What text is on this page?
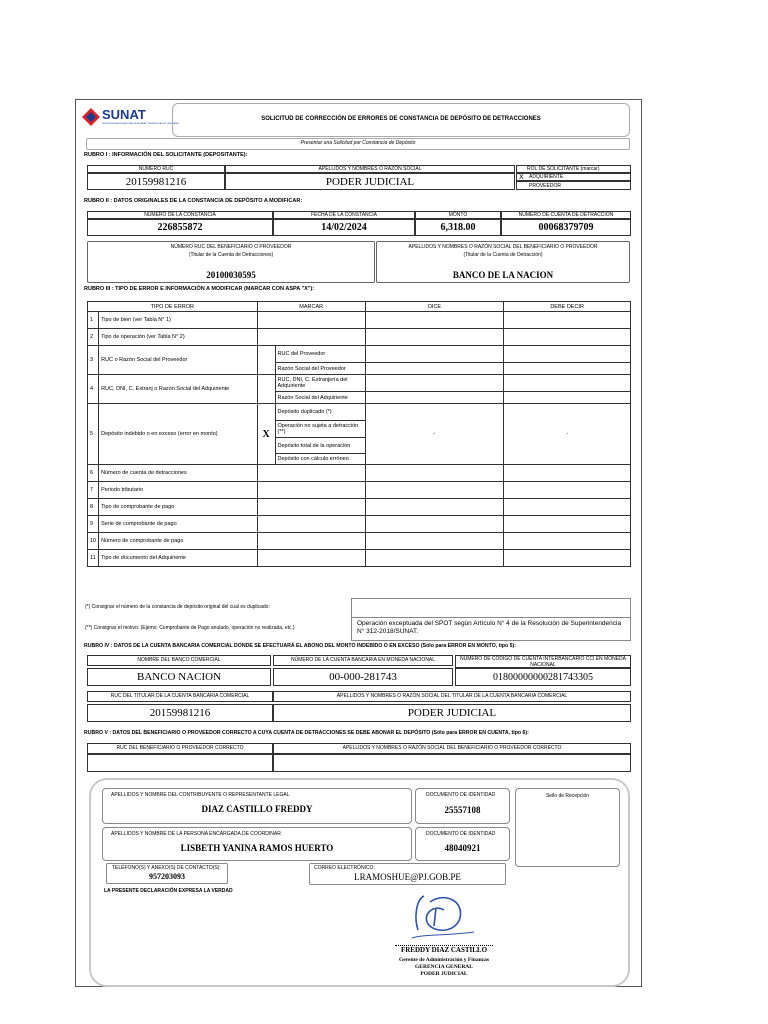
SUNAT
SUPERINTENDENCIA NACIONAL DE ADUANAS Y ADMINISTRACIÓN TRIBUTARIA
SOLICITUD DE CORRECCIÓN DE ERRORES DE CONSTANCIA DE DEPÓSITO DE DETRACCIONES
Presentar una Solicitud por Constancia de Depósito
RUBRO I : INFORMACIÓN DEL SOLICITANTE (DEPOSITANTE):
NÚMERO RUC
20159981216
APELLIDOS Y NOMBRES O RAZÓN SOCIAL
PODER JUDICIAL
ROL DE SOLICITANTE (marcar)
X ADQUIRIENTE
PROVEEDOR
RUBRO II : DATOS ORIGINALES DE LA CONSTANCIA DE DEPÓSITO A MODIFICAR:
NÚMERO DE LA CONSTANCIA
226855872
FECHA DE LA CONSTANCIA
14/02/2024
MONTO
6,318.00
NÚMERO DE CUENTA DE DETRACCIÓN
00068379709
NÚMERO RUC DEL BENEFICIARIO O PROVEEDOR
(Titular de la Cuenta de Detracciones)
20100030595
APELLIDOS Y NOMBRES O RAZÓN SOCIAL DEL BENEFICIARIO O PROVEEDOR
(Titular de la Cuenta de Detracción)
BANCO DE LA NACION
RUBRO III : TIPO DE ERROR E INFORMACIÓN A MODIFICAR (MARCAR CON ASPA "X"):
TIPO DE ERROR		MARCAR		DICE	DEBE DECIR
1	Tipo de bien (ver Tabla N° 1)				
2	Tipo de operación (ver Tabla N° 2)				
3	RUC o Razón Social del Proveedor		RUC del Proveedor		
			Razón Social del Proveedor		
4	RUC, DNI, C. Extranj o Razón Social del Adquiriente		RUC, DNI, C. Extranjería del Adquiriente		
			Razón Social del Adquiriente		
5	Depósito indebido o en exceso (error en monto)	X	Depósito duplicado (*)	-	-
			Operación no sujeta a detracción (**)		
			Depósito total de la operación		
			Depósito con cálculo erróneo		
6	Número de cuenta de detracciones				
7	Periodo tributario				
8	Tipo de comprobante de pago				
9	Serie de comprobante de pago				
10	Número de comprobante de pago				
11	Tipo de documento del Adquiriente				
(*) Consignar el número de la constancia de depósito original del cual es duplicado:
(**) Consignar el motivo: (Ejemo: Comprobante de Pago anulado, operación no realizada, etc.)
Operación exceptuada del SPOT según Artículo N° 4 de la Resolución de Superintendencia N° 312-2018/SUNAT.
RUBRO IV : DATOS DE LA CUENTA BANCARIA COMERCIAL DONDE SE EFECTUARÁ EL ABONO DEL MONTO INDEBIDO O EN EXCESO (Sólo para ERROR EN MONTO, tipo 5):
NOMBRE DEL BANCO COMERCIAL
BANCO NACION
NÚMERO DE LA CUENTA BANCARIA EN MONEDA NACIONAL
00-000-281743
NÚMERO DE CÓDIGO DE CUENTA INTERBANCARIO CCI EN MONEDA NACIONAL
01800000000281743305
RUC DEL TITULAR DE LA CUENTA BANCARIA COMERCIAL
20159981216
APELLIDOS Y NOMBRES O RAZÓN SOCIAL DEL TITULAR DE LA CUENTA BANCARIA COMERCIAL
PODER JUDICIAL
RUBRO V : DATOS DEL BENEFICIARIO O PROVEEDOR CORRECTO A CUYA CUENTA DE DETRACCIONES SE DEBE ABONAR EL DEPÓSITO (Sólo para ERROR EN CUENTA, tipo 6):
RUC DEL BENEFICIARIO O PROVEEDOR CORRECTO	APELLIDOS Y NOMBRES O RAZÓN SOCIAL DEL BENEFICIARIO O PROVEEDOR CORRECTO
APELLIDOS Y NOMBRE DEL CONTRIBUYENTE O REPRESENTANTE LEGAL
DIAZ CASTILLO FREDDY
DOCUMENTO DE IDENTIDAD
25557108
Sello de Recepción
APELLIDOS Y NOMBRE DE LA PERSONA ENCARGADA DE COORDINAR
LISBETH YANINA RAMOS HUERTO
DOCUMENTO DE IDENTIDAD
48040921
TELÉFONO(S) Y ANEXO(S) DE CONTACTO(S):
957203093
CORREO ELECTRÓNICO:
LRAMOSHUE@PJ.GOB.PE
LA PRESENTE DECLARACIÓN EXPRESA LA VERDAD
FREDDY DIAZ CASTILLO
Gerente de Administración y Finanzas
GERENCIA GENERAL
PODER JUDICIAL
